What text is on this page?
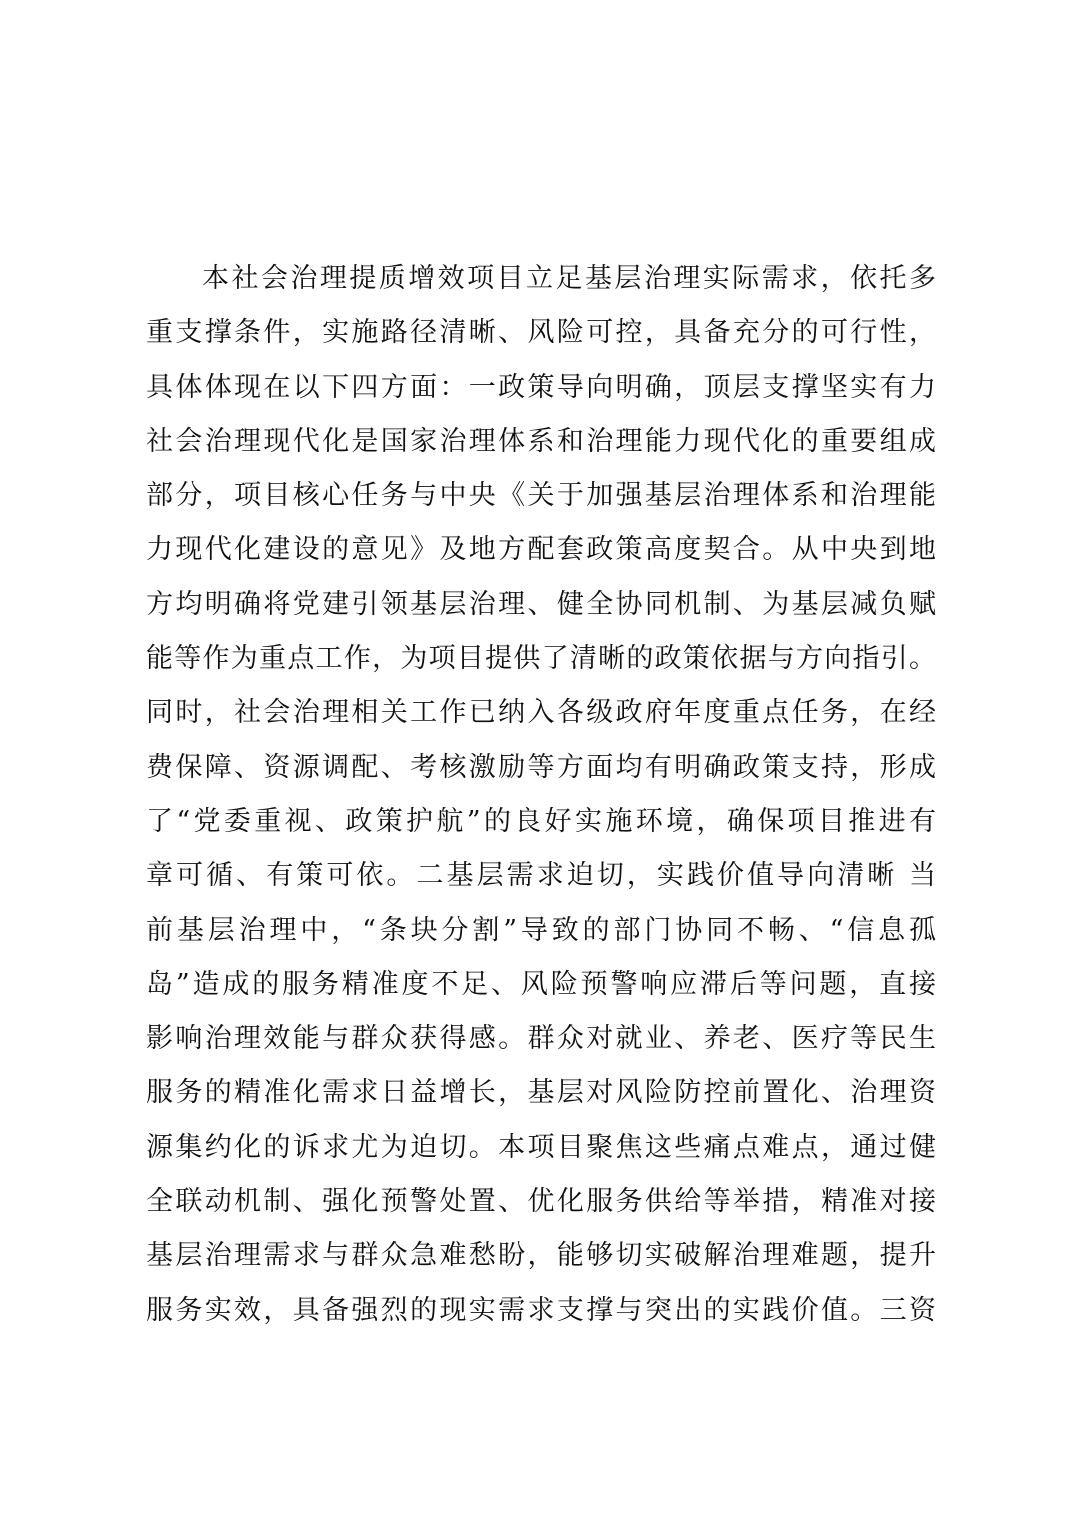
本社会治理提质增效项目立足基层治理实际需求，依托多
重支撑条件，实施路径清晰、风险可控，具备充分的可行性，
具体体现在以下四方面：一政策导向明确，顶层支撑坚实有力
社会治理现代化是国家治理体系和治理能力现代化的重要组成
部分，项目核心任务与中央《关于加强基层治理体系和治理能
力现代化建设的意见》及地方配套政策高度契合。从中央到地
方均明确将党建引领基层治理、健全协同机制、为基层减负赋
能等作为重点工作，为项目提供了清晰的政策依据与方向指引。
同时，社会治理相关工作已纳入各级政府年度重点任务，在经
费保障、资源调配、考核激励等方面均有明确政策支持，形成
了“党委重视、政策护航”的良好实施环境，确保项目推进有
章可循、有策可依。二基层需求迫切，实践价值导向清晰 当
前基层治理中，“条块分割”导致的部门协同不畅、“信息孤
岛”造成的服务精准度不足、风险预警响应滞后等问题，直接
影响治理效能与群众获得感。群众对就业、养老、医疗等民生
服务的精准化需求日益增长，基层对风险防控前置化、治理资
源集约化的诉求尤为迫切。本项目聚焦这些痛点难点，通过健
全联动机制、强化预警处置、优化服务供给等举措，精准对接
基层治理需求与群众急难愁盼，能够切实破解治理难题，提升
服务实效，具备强烈的现实需求支撑与突出的实践价值。三资
